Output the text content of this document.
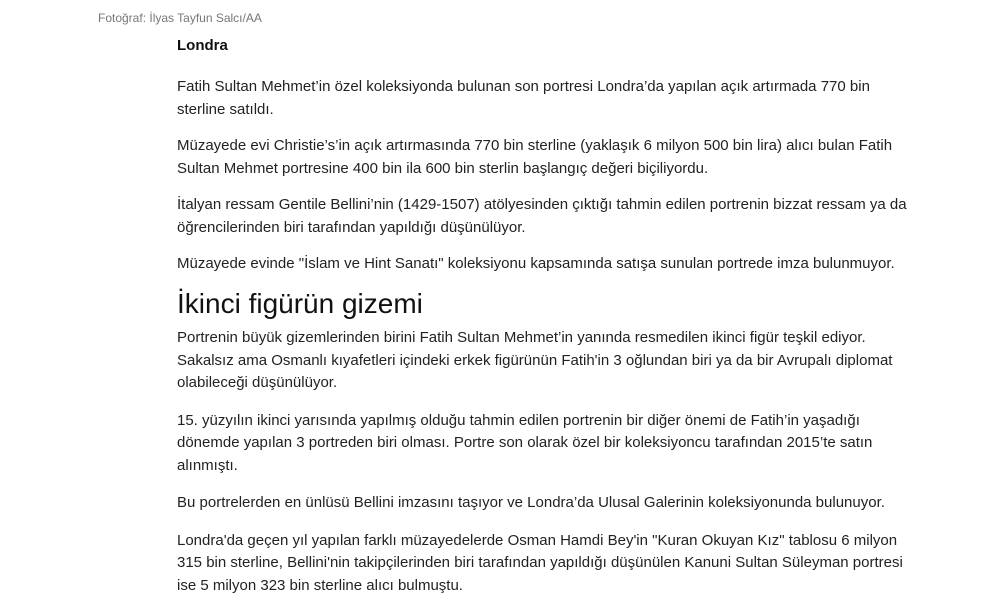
Fotoğraf: İlyas Tayfun Salcı/AA
Londra

Fatih Sultan Mehmet’in özel koleksiyonda bulunan son portresi Londra’da yapılan açık artırmada 770 bin sterline satıldı.

Müzayede evi Christie’s’in açık artırmasında 770 bin sterline (yaklaşık 6 milyon 500 bin lira) alıcı bulan Fatih Sultan Mehmet portresine 400 bin ila 600 bin sterlin başlangıç değeri biçiliyordu.

İtalyan ressam Gentile Bellini’nin (1429-1507) atölyesinden çıktığı tahmin edilen portrenin bizzat ressam ya da öğrencilerinden biri tarafından yapıldığı düşünülüyor.

Müzayede evinde "İslam ve Hint Sanatı" koleksiyonu kapsamında satışa sunulan portrede imza bulunmuyor.

İkinci figürün gizemi

Portrenin büyük gizemlerinden birini Fatih Sultan Mehmet’in yanında resmedilen ikinci figür teşkil ediyor. Sakalsız ama Osmanlı kıyafetleri içindeki erkek figürünün Fatih'in 3 oğlundan biri ya da bir Avrupalı diplomat olabileceği düşünülüyor.

15. yüzyılın ikinci yarısında yapılmış olduğu tahmin edilen portrenin bir diğer önemi de Fatih’in yaşadığı dönemde yapılan 3 portreden biri olması. Portre son olarak özel bir koleksiyoncu tarafından 2015’te satın alınmıştı.

Bu portrelerden en ünlüsü Bellini imzasını taşıyor ve Londra’da Ulusal Galerinin koleksiyonunda bulunuyor.

Londra'da geçen yıl yapılan farklı müzayedelerde Osman Hamdi Bey'in "Kuran Okuyan Kız" tablosu 6 milyon 315 bin sterline, Bellini'nin takipçilerinden biri tarafından yapıldığı düşünülen Kanuni Sultan Süleyman portresi ise 5 milyon 323 bin sterline alıcı bulmuştu.
